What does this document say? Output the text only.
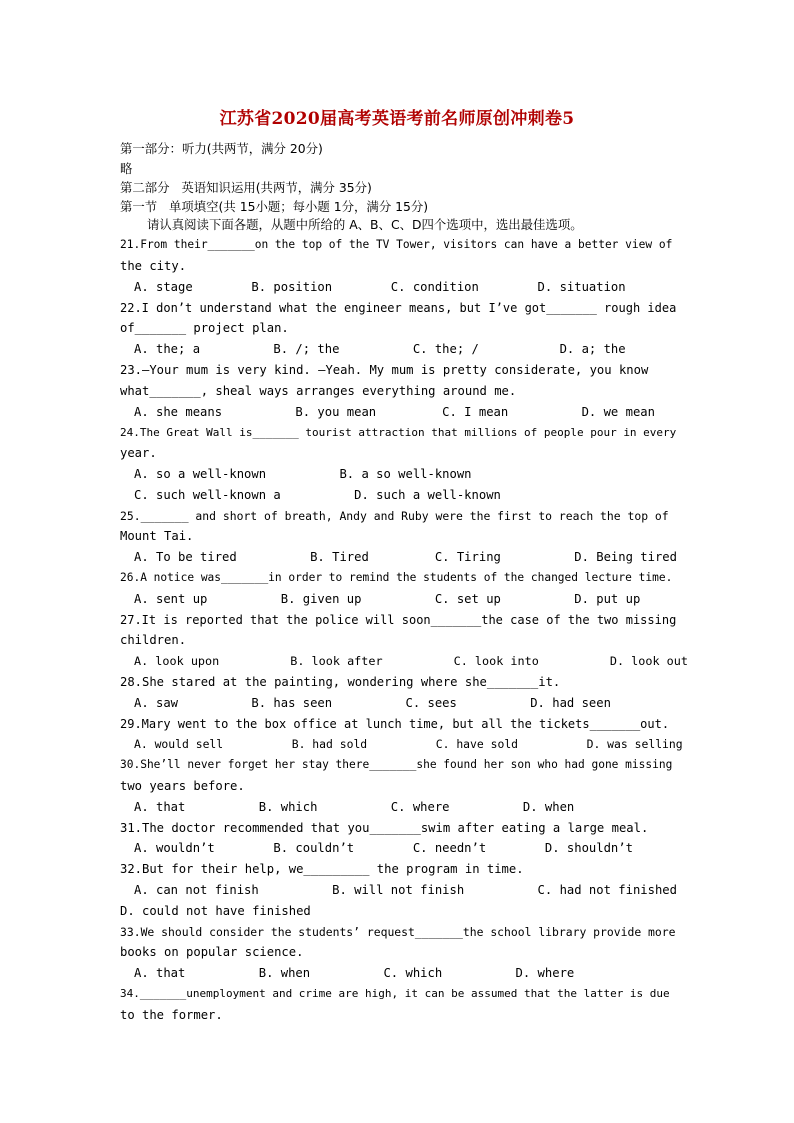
江苏省2020届高考英语考前名师原创冲刺卷5
第一部分：听力(共两节，满分 20分)
略
第二部分   英语知识运用(共两节，满分 35分)
第一节   单项填空(共 15小题；每小题 1分，满分 15分)
请认真阅读下面各题，从题中所给的 A、B、C、D四个选项中，选出最佳选项。
21.From their_______on the top of the TV Tower, visitors can have a better view of
the city.
A. stage        B. position        C. condition        D. situation
22.I don’t understand what the engineer means, but I’ve got_______ rough idea
of_______ project plan.
A. the; a          B. /; the          C. the; /           D. a; the
23.—Your mum is very kind. —Yeah. My mum is pretty considerate, you know
what_______, sheal ways arranges everything around me.
A. she means          B. you mean         C. I mean          D. we mean
24.The Great Wall is_______ tourist attraction that millions of people pour in every
year.
A. so a well-known          B. a so well-known
C. such well-known a          D. such a well-known
25._______ and short of breath, Andy and Ruby were the first to reach the top of
Mount Tai.
A. To be tired          B. Tired         C. Tiring          D. Being tired
26.A notice was_______in order to remind the students of the changed lecture time.
A. sent up          B. given up          C. set up          D. put up
27.It is reported that the police will soon_______the case of the two missing
children.
A. look upon          B. look after          C. look into          D. look out
28.She stared at the painting, wondering where she_______it.
A. saw          B. has seen          C. sees          D. had seen
29.Mary went to the box office at lunch time, but all the tickets_______out.
A. would sell          B. had sold          C. have sold          D. was selling
30.She’ll never forget her stay there_______she found her son who had gone missing
two years before.
A. that          B. which          C. where          D. when
31.The doctor recommended that you_______swim after eating a large meal.
A. wouldn’t        B. couldn’t        C. needn’t        D. shouldn’t
32.But for their help, we_________ the program in time.
A. can not finish          B. will not finish          C. had not finished
D. could not have finished
33.We should consider the students’ request_______the school library provide more
books on popular science.
A. that          B. when          C. which          D. where
34._______unemployment and crime are high, it can be assumed that the latter is due
to the former.
